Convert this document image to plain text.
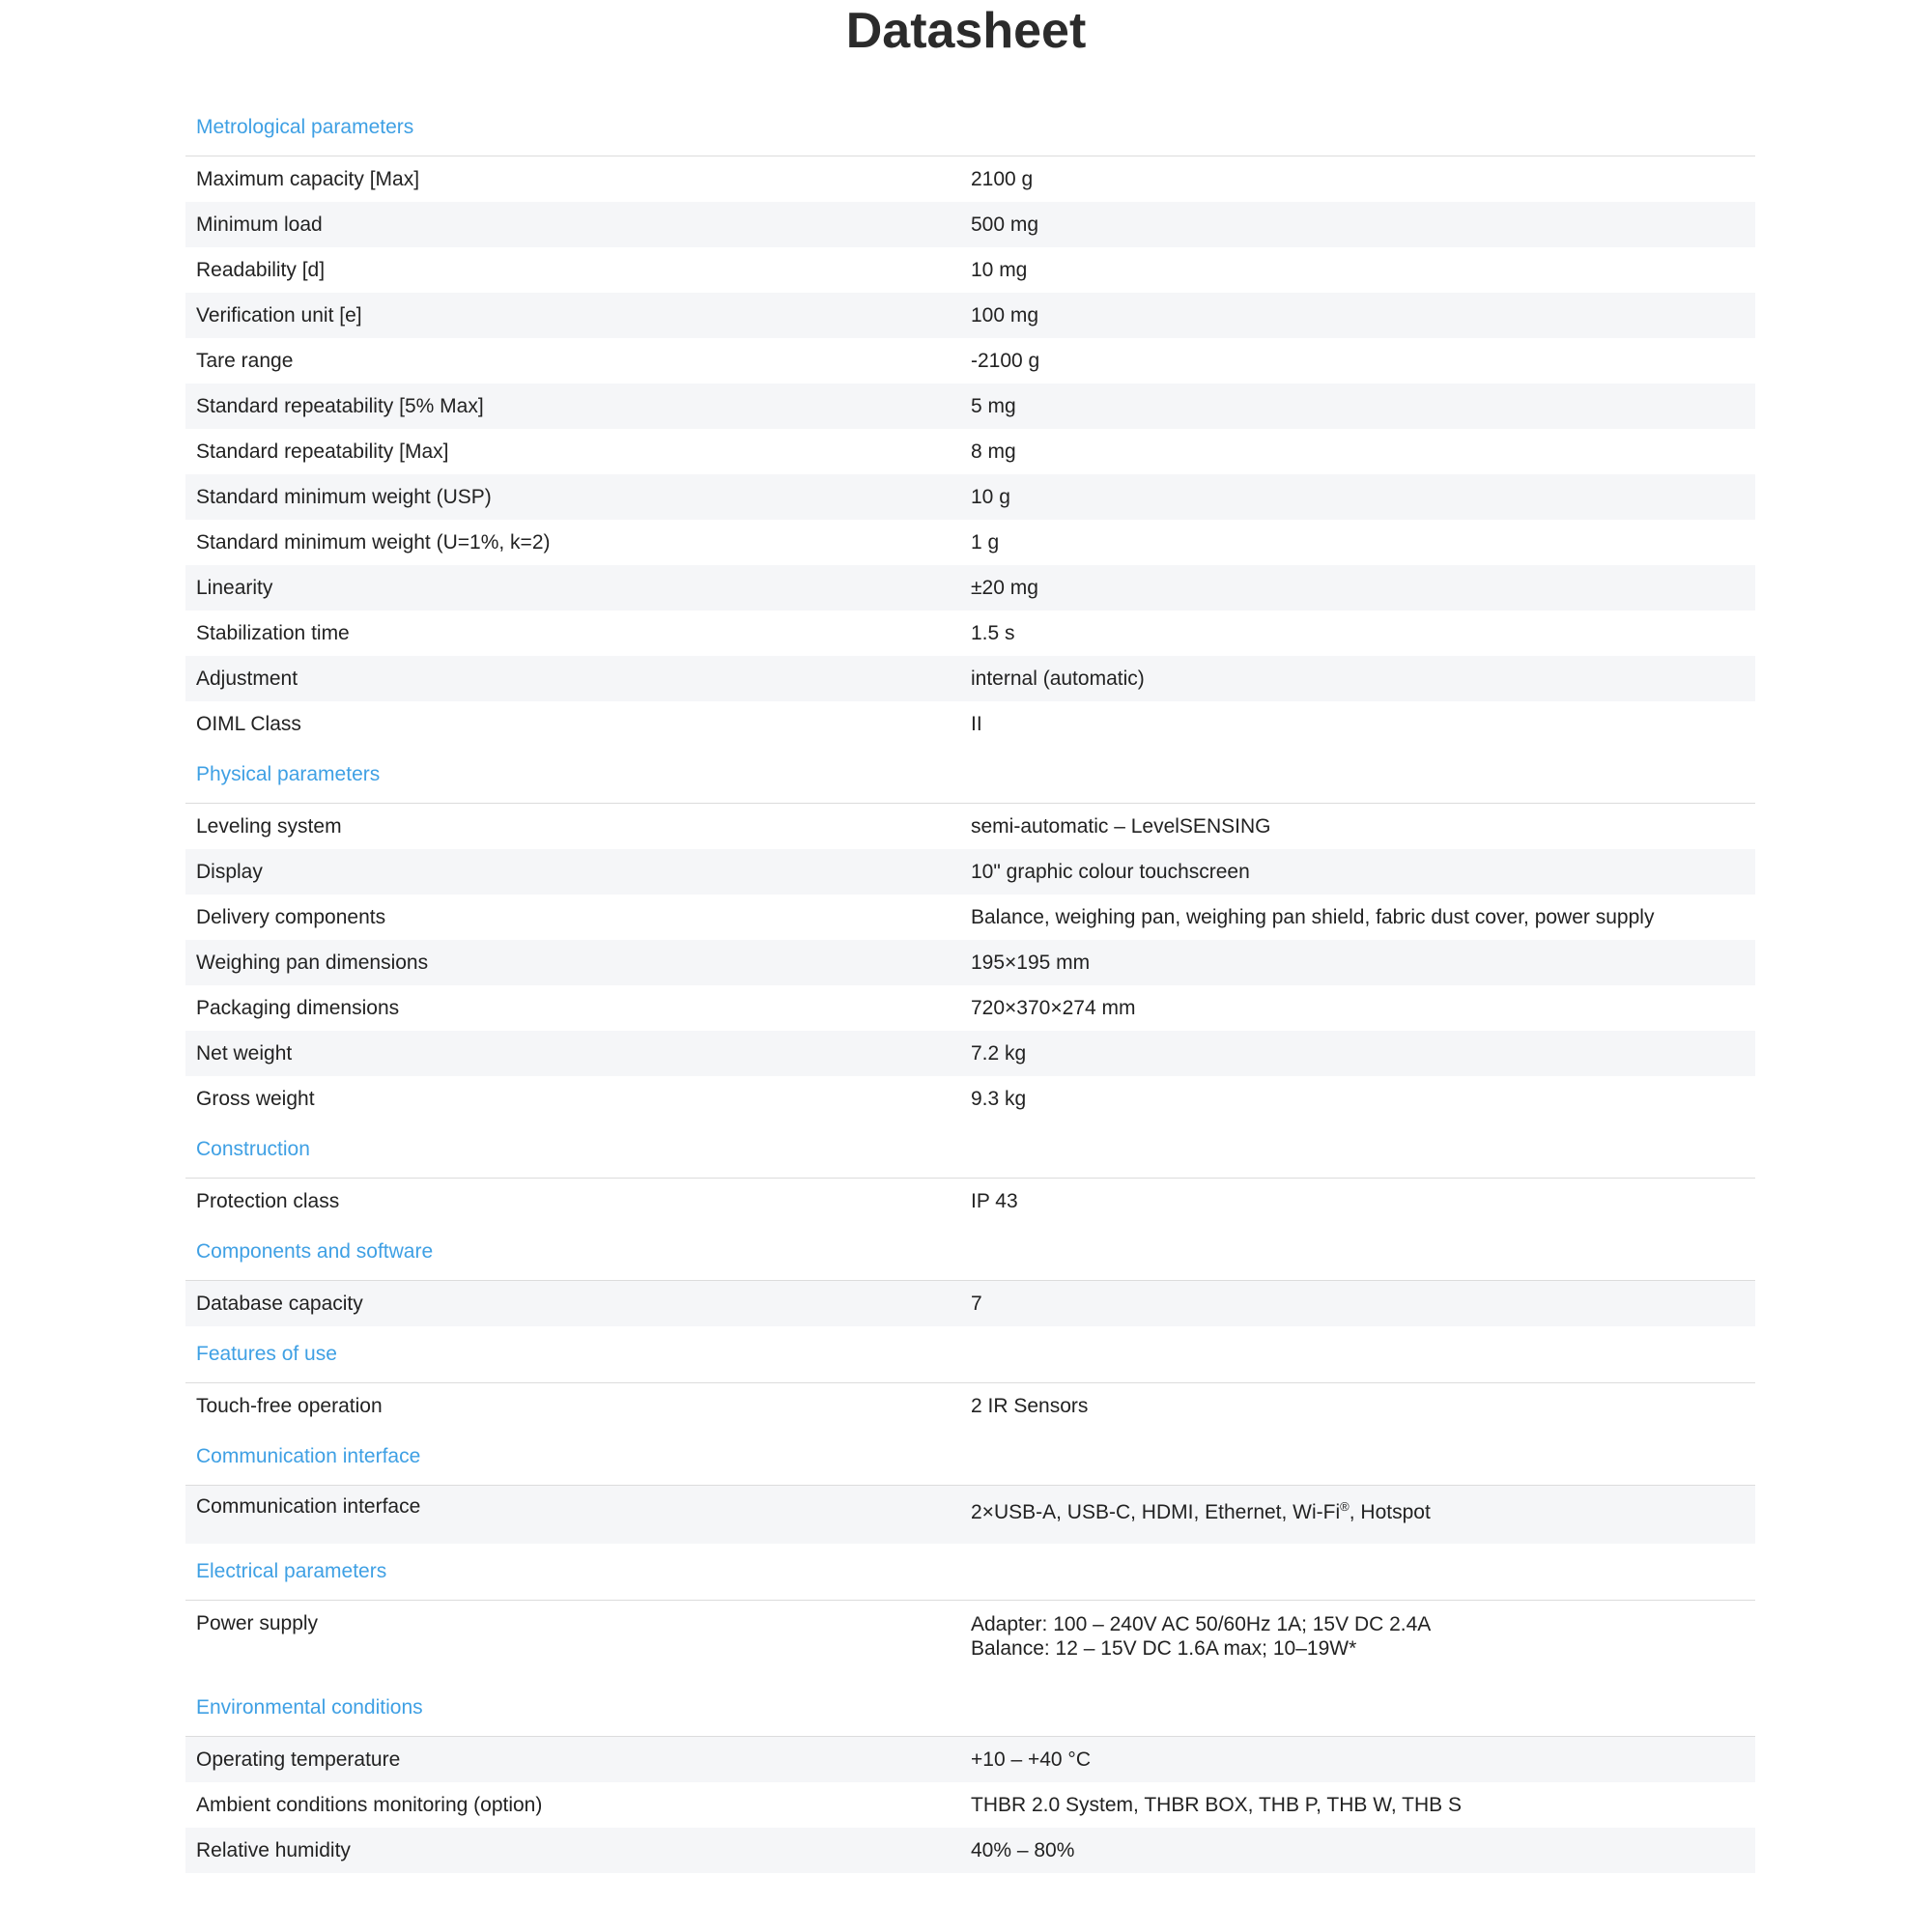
Datasheet
Metrological parameters
Maximum capacity [Max]	2100 g
Minimum load	500 mg
Readability [d]	10 mg
Verification unit [e]	100 mg
Tare range	-2100 g
Standard repeatability [5% Max]	5 mg
Standard repeatability [Max]	8 mg
Standard minimum weight (USP)	10 g
Standard minimum weight (U=1%, k=2)	1 g
Linearity	±20 mg
Stabilization time	1.5 s
Adjustment	internal (automatic)
OIML Class	II
Physical parameters
Leveling system	semi-automatic – LevelSENSING
Display	10" graphic colour touchscreen
Delivery components	Balance, weighing pan, weighing pan shield, fabric dust cover, power supply
Weighing pan dimensions	195×195 mm
Packaging dimensions	720×370×274 mm
Net weight	7.2 kg
Gross weight	9.3 kg
Construction
Protection class	IP 43
Components and software
Database capacity	7
Features of use
Touch-free operation	2 IR Sensors
Communication interface
Communication interface	2×USB-A, USB-C, HDMI, Ethernet, Wi-Fi®, Hotspot
Electrical parameters
Power supply	Adapter: 100 – 240V AC 50/60Hz 1A; 15V DC 2.4A
Balance: 12 – 15V DC 1.6A max; 10–19W*
Environmental conditions
Operating temperature	+10 – +40 °C
Ambient conditions monitoring (option)	THBR 2.0 System, THBR BOX, THB P, THB W, THB S
Relative humidity	40% – 80%
